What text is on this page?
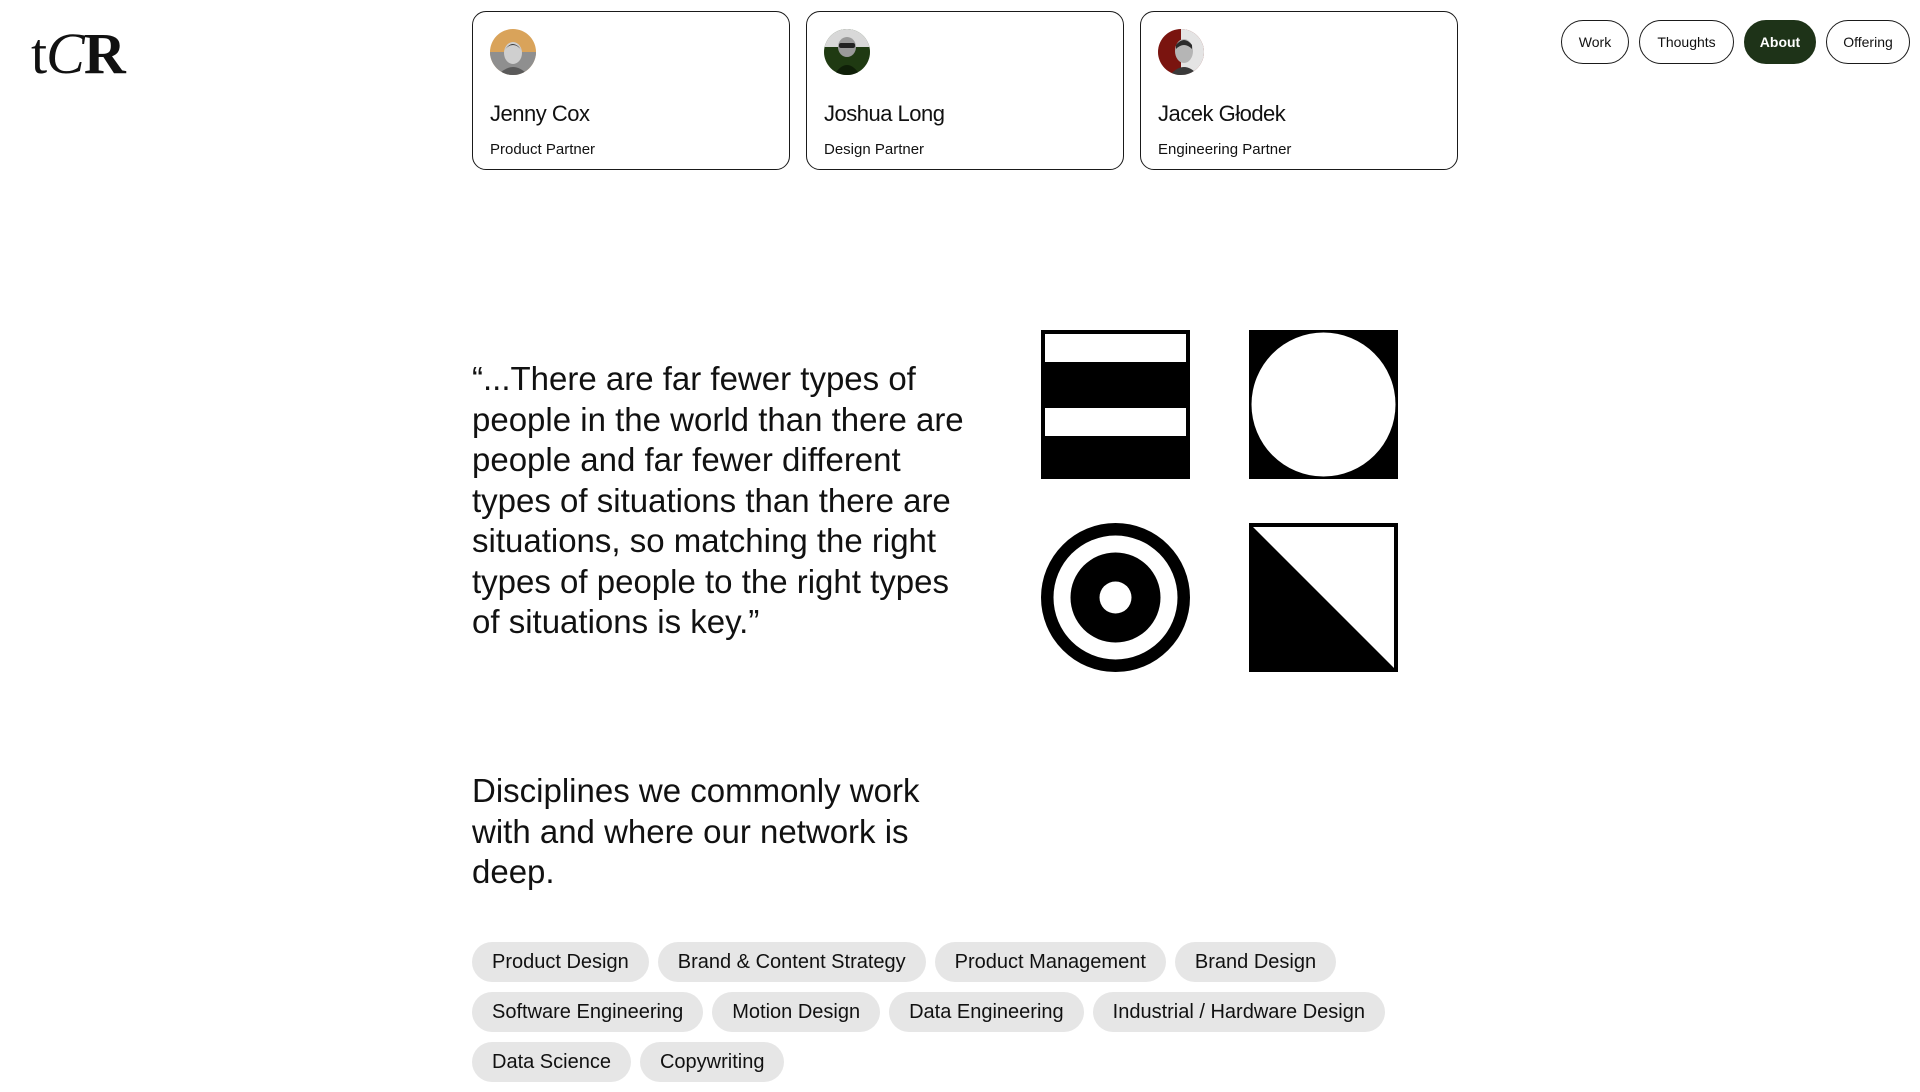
tCR
Jenny Cox
Product Partner
Joshua Long
Design Partner
Jacek Głodek
Engineering Partner
Work	Thoughts	About	Offering

“...There are far fewer types of people in the world than there are people and far fewer different types of situations than there are situations, so matching the right types of people to the right types of situations is key.”

Disciplines we commonly work with and where our network is deep.

Product Design	Brand & Content Strategy	Product Management	Brand Design
Software Engineering	Motion Design	Data Engineering	Industrial / Hardware Design
Data Science	Copywriting
